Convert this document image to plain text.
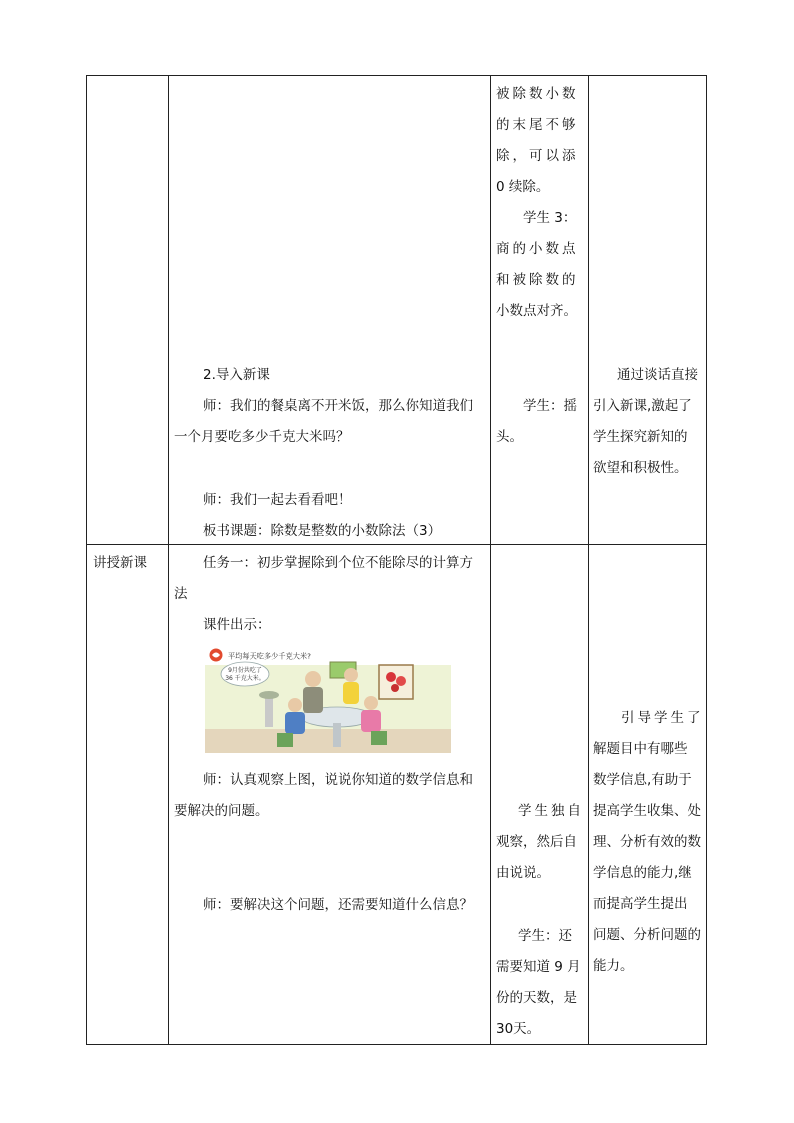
被除数小数
的末尾不够
除，可以添
0 续除。
学生 3：
商的小数点
和被除数的
小数点对齐。
2.导入新课
师：我们的餐桌离不开米饭，那么你知道我们
一个月要吃多少千克大米吗？
师：我们一起去看看吧！
板书课题：除数是整数的小数除法（3）
学生：摇
头。
通过谈话直接
引入新课,激起了
学生探究新知的
欲望和积极性。
讲授新课	任务一：初步掌握除到个位不能除尽的计算方
法
课件出示：
平均每天吃多少千克大米?
9月份共吃了
36 千克大米。
师：认真观察上图，说说你知道的数学信息和
要解决的问题。
师：要解决这个问题，还需要知道什么信息？
学生独自
观察，然后自
由说说。
学生：还
需要知道 9 月
份的天数，是
30天。
引导学生了
解题目中有哪些
数学信息,有助于
提高学生收集、处
理、分析有效的数
学信息的能力,继
而提高学生提出
问题、分析问题的
能力。
